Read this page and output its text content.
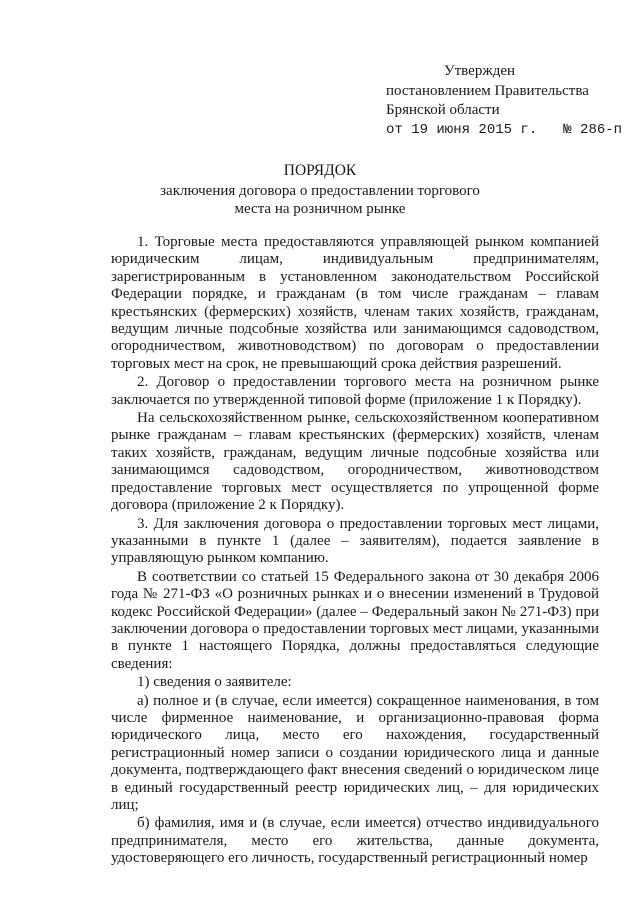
Утвержден
постановлением Правительства
Брянской области
от 19 июня 2015 г. № 286-п
ПОРЯДОК
заключения договора о предоставлении торгового
места на розничном рынке

1. Торговые места предоставляются управляющей рынком компанией юридическим лицам, индивидуальным предпринимателям, зарегистрированным в установленном законодательством Российской Федерации порядке, и гражданам (в том числе гражданам – главам крестьянских (фермерских) хозяйств, членам таких хозяйств, гражданам, ведущим личные подсобные хозяйства или занимающимся садоводством, огородничеством, животноводством) по договорам о предоставлении торговых мест на срок, не превышающий срока действия разрешений.

2. Договор о предоставлении торгового места на розничном рынке заключается по утвержденной типовой форме (приложение 1 к Порядку).

На сельскохозяйственном рынке, сельскохозяйственном кооперативном рынке гражданам – главам крестьянских (фермерских) хозяйств, членам таких хозяйств, гражданам, ведущим личные подсобные хозяйства или занимающимся садоводством, огородничеством, животноводством предоставление торговых мест осуществляется по упрощенной форме договора (приложение 2 к Порядку).

3. Для заключения договора о предоставлении торговых мест лицами, указанными в пункте 1 (далее – заявителям), подается заявление в управляющую рынком компанию.

В соответствии со статьей 15 Федерального закона от 30 декабря 2006 года № 271-ФЗ «О розничных рынках и о внесении изменений в Трудовой кодекс Российской Федерации» (далее – Федеральный закон № 271-ФЗ) при заключении договора о предоставлении торговых мест лицами, указанными в пункте 1 настоящего Порядка, должны предоставляться следующие сведения:

1) сведения о заявителе:

а) полное и (в случае, если имеется) сокращенное наименования, в том числе фирменное наименование, и организационно-правовая форма юридического лица, место его нахождения, государственный регистрационный номер записи о создании юридического лица и данные документа, подтверждающего факт внесения сведений о юридическом лице в единый государственный реестр юридических лиц, – для юридических лиц;

б) фамилия, имя и (в случае, если имеется) отчество индивидуального предпринимателя, место его жительства, данные документа, удостоверяющего его личность, государственный регистрационный номер
